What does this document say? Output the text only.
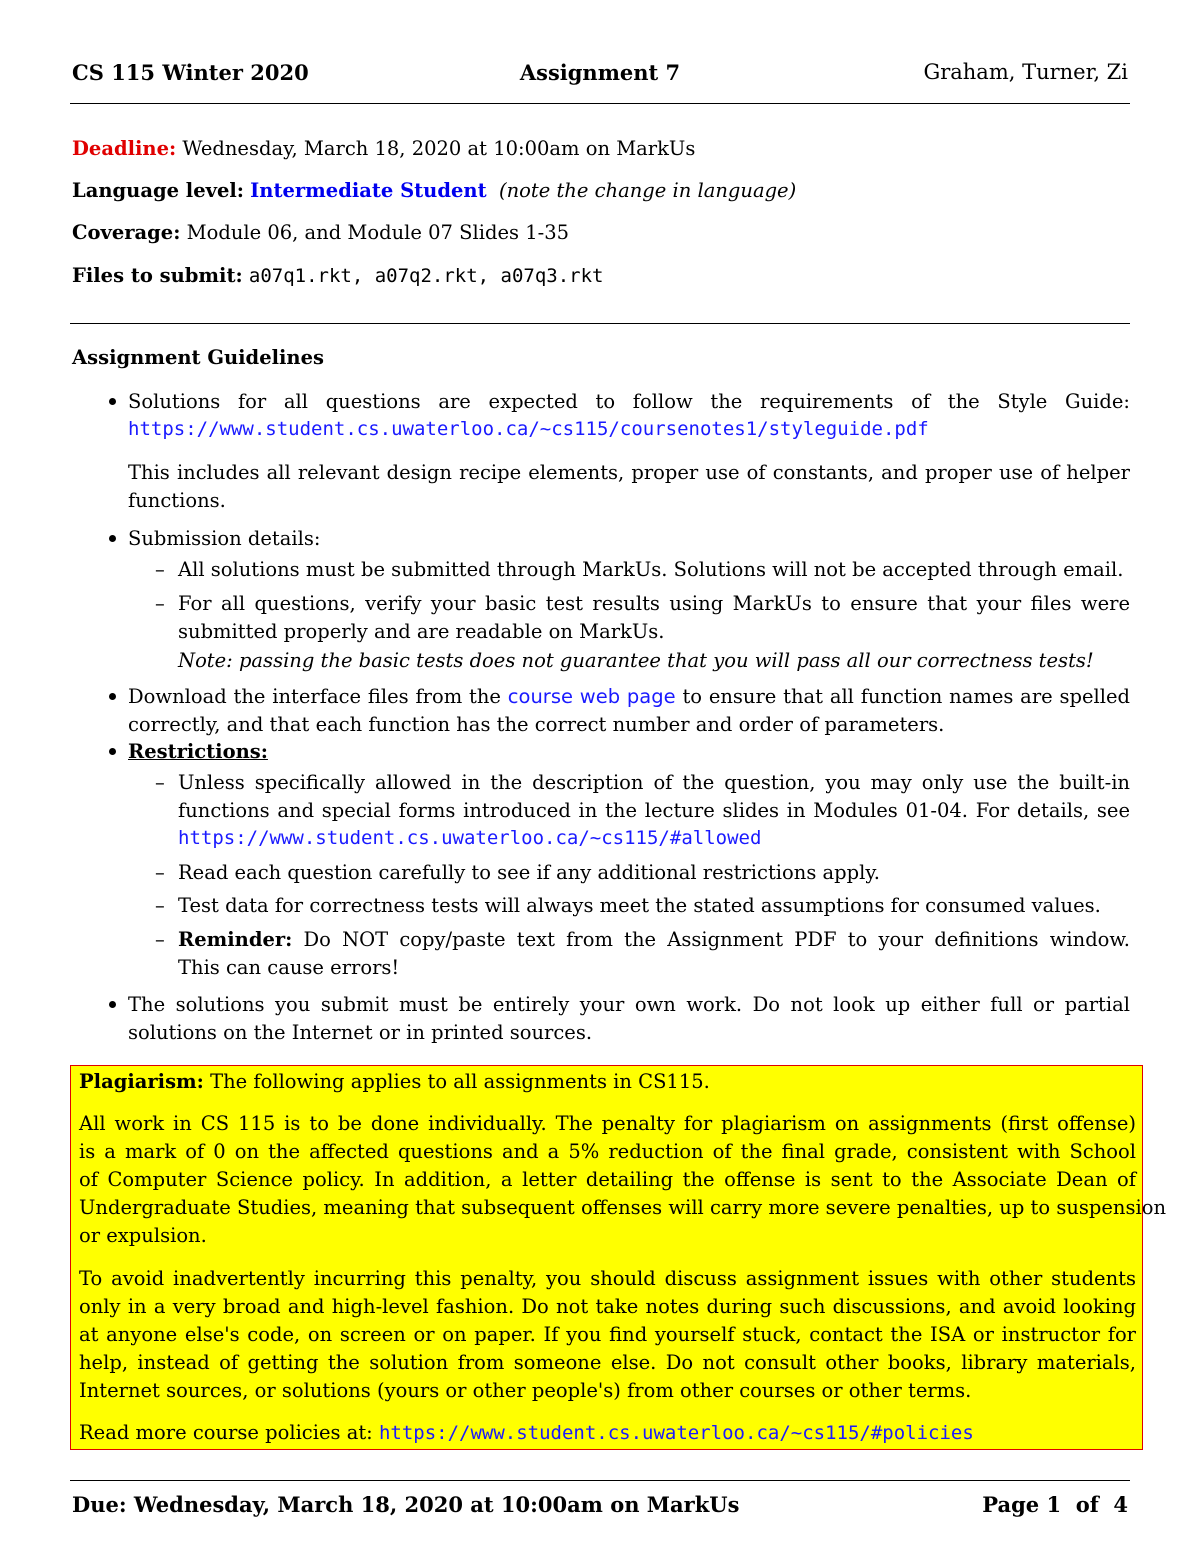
CS 115 Winter 2020	Assignment 7	Graham, Turner, Zi
Deadline: Wednesday, March 18, 2020 at 10:00am on MarkUs
Language level: Intermediate Student (note the change in language)
Coverage: Module 06, and Module 07 Slides 1-35
Files to submit: a07q1.rkt, a07q2.rkt, a07q3.rkt
Assignment Guidelines
Solutions for all questions are expected to follow the requirements of the Style Guide:
https://www.student.cs.uwaterloo.ca/~cs115/coursenotes1/styleguide.pdf
This includes all relevant design recipe elements, proper use of constants, and proper use of helper
functions.
Submission details:
– All solutions must be submitted through MarkUs. Solutions will not be accepted through email.
– For all questions, verify your basic test results using MarkUs to ensure that your files were
submitted properly and are readable on MarkUs.
Note: passing the basic tests does not guarantee that you will pass all our correctness tests!
Download the interface files from the course web page to ensure that all function names are spelled
correctly, and that each function has the correct number and order of parameters.
Restrictions:
– Unless specifically allowed in the description of the question, you may only use the built-in
functions and special forms introduced in the lecture slides in Modules 01-04. For details, see
https://www.student.cs.uwaterloo.ca/~cs115/#allowed
– Read each question carefully to see if any additional restrictions apply.
– Test data for correctness tests will always meet the stated assumptions for consumed values.
– Reminder: Do NOT copy/paste text from the Assignment PDF to your definitions window.
This can cause errors!
The solutions you submit must be entirely your own work. Do not look up either full or partial
solutions on the Internet or in printed sources.
Plagiarism: The following applies to all assignments in CS115.
All work in CS 115 is to be done individually. The penalty for plagiarism on assignments (first offense)
is a mark of 0 on the affected questions and a 5% reduction of the final grade, consistent with School
of Computer Science policy. In addition, a letter detailing the offense is sent to the Associate Dean of
Undergraduate Studies, meaning that subsequent offenses will carry more severe penalties, up to suspension
or expulsion.
To avoid inadvertently incurring this penalty, you should discuss assignment issues with other students
only in a very broad and high-level fashion. Do not take notes during such discussions, and avoid looking
at anyone else's code, on screen or on paper. If you find yourself stuck, contact the ISA or instructor for
help, instead of getting the solution from someone else. Do not consult other books, library materials,
Internet sources, or solutions (yours or other people's) from other courses or other terms.
Read more course policies at: https://www.student.cs.uwaterloo.ca/~cs115/#policies
Due: Wednesday, March 18, 2020 at 10:00am on MarkUs	Page 1 of 4
